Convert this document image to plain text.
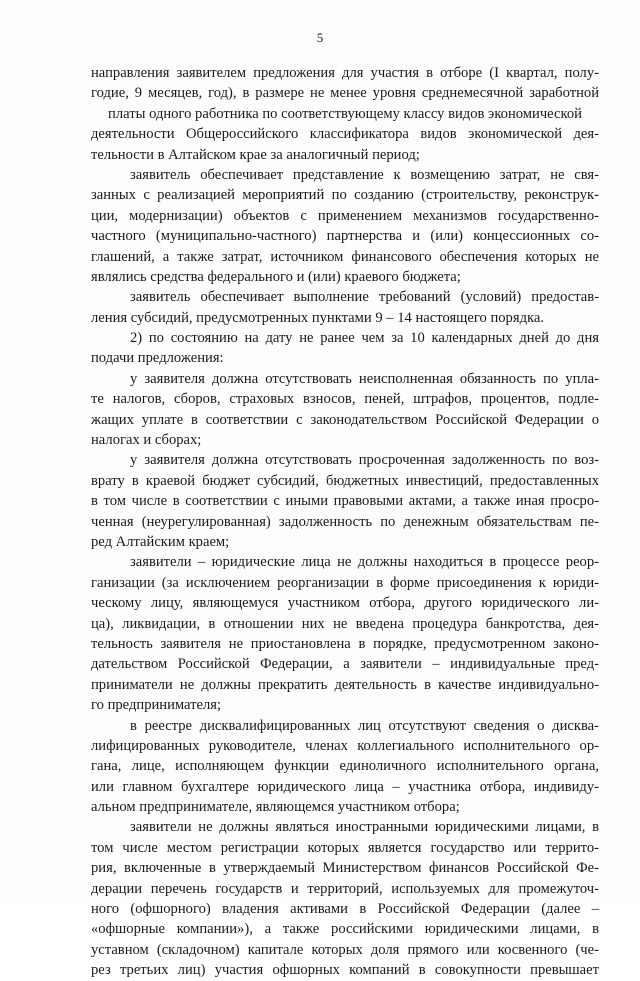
5
направления заявителем предложения для участия в отборе (I квартал, полу-
годие, 9 месяцев, год), в размере не менее уровня среднемесячной заработной
платы одного работника по соответствующему классу видов экономической
деятельности Общероссийского классификатора видов экономической дея-
тельности в Алтайском крае за аналогичный период;
заявитель обеспечивает представление к возмещению затрат, не свя-
занных с реализацией мероприятий по созданию (строительству, реконструк-
ции, модернизации) объектов с применением механизмов государственно-
частного (муниципально-частного) партнерства и (или) концессионных со-
глашений, а также затрат, источником финансового обеспечения которых не
являлись средства федерального и (или) краевого бюджета;
заявитель обеспечивает выполнение требований (условий) предостав-
ления субсидий, предусмотренных пунктами 9 – 14 настоящего порядка.
2) по состоянию на дату не ранее чем за 10 календарных дней до дня
подачи предложения:
у заявителя должна отсутствовать неисполненная обязанность по упла-
те налогов, сборов, страховых взносов, пеней, штрафов, процентов, подле-
жащих уплате в соответствии с законодательством Российской Федерации о
налогах и сборах;
у заявителя должна отсутствовать просроченная задолженность по воз-
врату в краевой бюджет субсидий, бюджетных инвестиций, предоставленных
в том числе в соответствии с иными правовыми актами, а также иная просро-
ченная (неурегулированная) задолженность по денежным обязательствам пе-
ред Алтайским краем;
заявители – юридические лица не должны находиться в процессе реор-
ганизации (за исключением реорганизации в форме присоединения к юриди-
ческому лицу, являющемуся участником отбора, другого юридического ли-
ца), ликвидации, в отношении них не введена процедура банкротства, дея-
тельность заявителя не приостановлена в порядке, предусмотренном законо-
дательством Российской Федерации, а заявители – индивидуальные пред-
приниматели не должны прекратить деятельность в качестве индивидуально-
го предпринимателя;
в реестре дисквалифицированных лиц отсутствуют сведения о дисква-
лифицированных руководителе, членах коллегиального исполнительного ор-
гана, лице, исполняющем функции единоличного исполнительного органа,
или главном бухгалтере юридического лица – участника отбора, индивиду-
альном предпринимателе, являющемся участником отбора;
заявители не должны являться иностранными юридическими лицами, в
том числе местом регистрации которых является государство или террито-
рия, включенные в утверждаемый Министерством финансов Российской Фе-
дерации перечень государств и территорий, используемых для промежуточ-
ного (офшорного) владения активами в Российской Федерации (далее –
«офшорные компании»), а также российскими юридическими лицами, в
уставном (складочном) капитале которых доля прямого или косвенного (че-
рез третьих лиц) участия офшорных компаний в совокупности превышает
